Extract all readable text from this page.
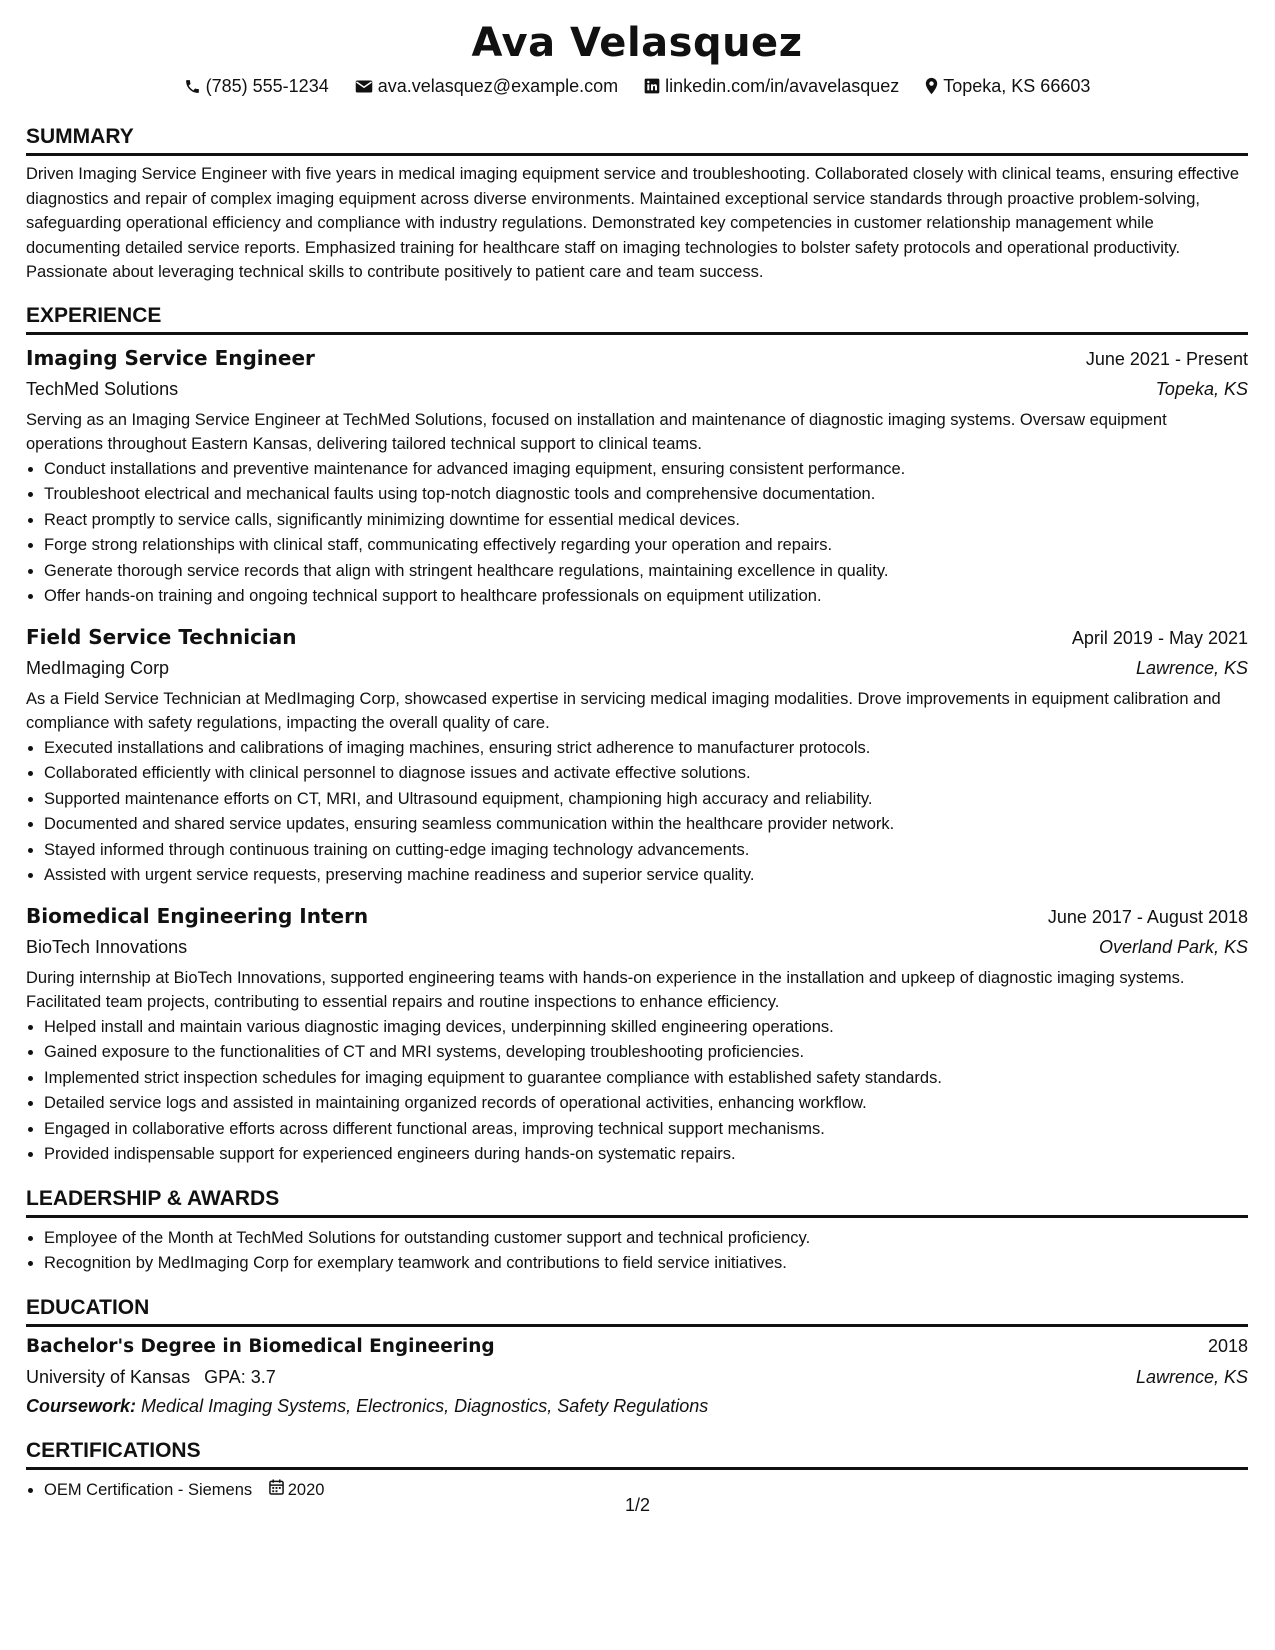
Ava Velasquez
(785) 555-1234	ava.velasquez@example.com	linkedin.com/in/avavelasquez Topeka, KS 66603
SUMMARY

Driven Imaging Service Engineer with five years in medical imaging equipment service and troubleshooting. Collaborated closely with clinical teams, ensuring effective diagnostics and repair of complex imaging equipment across diverse environments. Maintained exceptional service standards through proactive problem-solving, safeguarding operational efficiency and compliance with industry regulations. Demonstrated key competencies in customer relationship management while documenting detailed service reports. Emphasized training for healthcare staff on imaging technologies to bolster safety protocols and operational productivity. Passionate about leveraging technical skills to contribute positively to patient care and team success.

EXPERIENCE
Imaging Service Engineer	June 2021 - Present
TechMed Solutions	Topeka, KS

Serving as an Imaging Service Engineer at TechMed Solutions, focused on installation and maintenance of diagnostic imaging systems. Oversaw equipment operations throughout Eastern Kansas, delivering tailored technical support to clinical teams.

• Conduct installations and preventive maintenance for advanced imaging equipment, ensuring consistent performance.
• Troubleshoot electrical and mechanical faults using top-notch diagnostic tools and comprehensive documentation.
• React promptly to service calls, significantly minimizing downtime for essential medical devices.
• Forge strong relationships with clinical staff, communicating effectively regarding your operation and repairs.
• Generate thorough service records that align with stringent healthcare regulations, maintaining excellence in quality.
• Offer hands-on training and ongoing technical support to healthcare professionals on equipment utilization.
Field Service Technician	April 2019 - May 2021
MedImaging Corp	Lawrence, KS

As a Field Service Technician at MedImaging Corp, showcased expertise in servicing medical imaging modalities. Drove improvements in equipment calibration and compliance with safety regulations, impacting the overall quality of care.

• Executed installations and calibrations of imaging machines, ensuring strict adherence to manufacturer protocols.
• Collaborated efficiently with clinical personnel to diagnose issues and activate effective solutions.
• Supported maintenance efforts on CT, MRI, and Ultrasound equipment, championing high accuracy and reliability.
• Documented and shared service updates, ensuring seamless communication within the healthcare provider network.
• Stayed informed through continuous training on cutting-edge imaging technology advancements.
• Assisted with urgent service requests, preserving machine readiness and superior service quality.
Biomedical Engineering Intern	June 2017 - August 2018
BioTech Innovations	Overland Park, KS

During internship at BioTech Innovations, supported engineering teams with hands-on experience in the installation and upkeep of diagnostic imaging systems. Facilitated team projects, contributing to essential repairs and routine inspections to enhance efficiency.

• Helped install and maintain various diagnostic imaging devices, underpinning skilled engineering operations.
• Gained exposure to the functionalities of CT and MRI systems, developing troubleshooting proficiencies.
• Implemented strict inspection schedules for imaging equipment to guarantee compliance with established safety standards.
• Detailed service logs and assisted in maintaining organized records of operational activities, enhancing workflow.
• Engaged in collaborative efforts across different functional areas, improving technical support mechanisms.
• Provided indispensable support for experienced engineers during hands-on systematic repairs.
LEADERSHIP & AWARDS
• Employee of the Month at TechMed Solutions for outstanding customer support and technical proficiency.
• Recognition by MedImaging Corp for exemplary teamwork and contributions to field service initiatives.
EDUCATION
Bachelor's Degree in Biomedical Engineering	2018
University of Kansas GPA: 3.7	Lawrence, KS
Coursework: Medical Imaging Systems, Electronics, Diagnostics, Safety Regulations
CERTIFICATIONS
• OEM Certification - Siemens 2020
1/2
